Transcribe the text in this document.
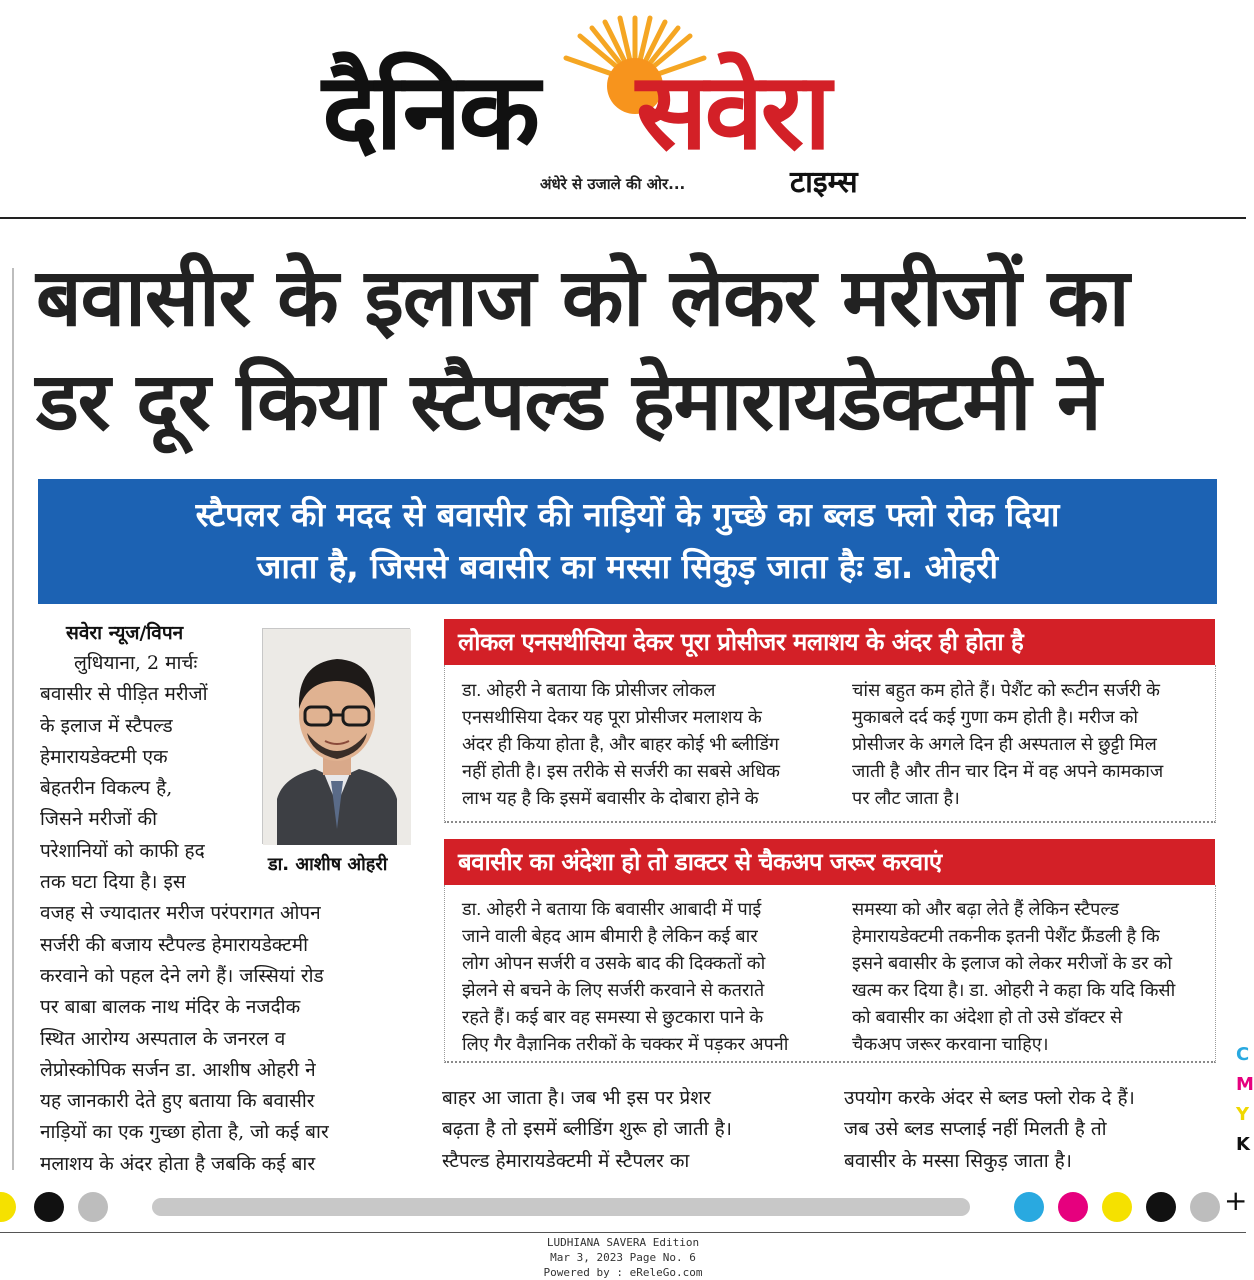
दैनिक सवेरा
अंधेरे से उजाले की ओर...	टाइम्स
बवासीर के इलाज को लेकर मरीजों का
डर दूर किया स्टैपल्ड हेमारायडेक्टमी ने
स्टैपलर की मदद से बवासीर की नाड़ियों के गुच्छे का ब्लड फ्लो रोक दिया
जाता है, जिससे बवासीर का मस्सा सिकुड़ जाता हैः डा. ओहरी
सवेरा न्यूज/विपन
लुधियाना, 2 मार्चः
बवासीर से पीड़ित मरीजों
के इलाज में स्टैपल्ड
हेमारायडेक्टमी एक
बेहतरीन विकल्प है,
जिसने मरीजों की
परेशानियों को काफी हद
तक घटा दिया है। इस
वजह से ज्यादातर मरीज परंपरागत ओपन
सर्जरी की बजाय स्टैपल्ड हेमारायडेक्टमी
करवाने को पहल देने लगे हैं। जस्सियां रोड
पर बाबा बालक नाथ मंदिर के नजदीक
स्थित आरोग्य अस्पताल के जनरल व
लेप्रोस्कोपिक सर्जन डा. आशीष ओहरी ने
यह जानकारी देते हुए बताया कि बवासीर
नाड़ियों का एक गुच्छा होता है, जो कई बार
मलाशय के अंदर होता है जबकि कई बार
डा. आशीष ओहरी
लोकल एनसथीसिया देकर पूरा प्रोसीजर मलाशय के अंदर ही होता है
डा. ओहरी ने बताया कि प्रोसीजर लोकल
एनसथीसिया देकर यह पूरा प्रोसीजर मलाशय के
अंदर ही किया होता है, और बाहर कोई भी ब्लीडिंग
नहीं होती है। इस तरीके से सर्जरी का सबसे अधिक
लाभ यह है कि इसमें बवासीर के दोबारा होने के
चांस बहुत कम होते हैं। पेशैंट को रूटीन सर्जरी के
मुकाबले दर्द कई गुणा कम होती है। मरीज को
प्रोसीजर के अगले दिन ही अस्पताल से छुट्टी मिल
जाती है और तीन चार दिन में वह अपने कामकाज
पर लौट जाता है।
बवासीर का अंदेशा हो तो डाक्टर से चैकअप जरूर करवाएं
डा. ओहरी ने बताया कि बवासीर आबादी में पाई
जाने वाली बेहद आम बीमारी है लेकिन कई बार
लोग ओपन सर्जरी व उसके बाद की दिक्कतों को
झेलने से बचने के लिए सर्जरी करवाने से कतराते
रहते हैं। कई बार वह समस्या से छुटकारा पाने के
लिए गैर वैज्ञानिक तरीकों के चक्कर में पड़कर अपनी
समस्या को और बढ़ा लेते हैं लेकिन स्टैपल्ड
हेमारायडेक्टमी तकनीक इतनी पेशैंट फ्रैंडली है कि
इसने बवासीर के इलाज को लेकर मरीजों के डर को
खत्म कर दिया है। डा. ओहरी ने कहा कि यदि किसी
को बवासीर का अंदेशा हो तो उसे डॉक्टर से
चैकअप जरूर करवाना चाहिए।
बाहर आ जाता है। जब भी इस पर प्रेशर
बढ़ता है तो इसमें ब्लीडिंग शुरू हो जाती है।
स्टैपल्ड हेमारायडेक्टमी में स्टैपलर का
उपयोग करके अंदर से ब्लड फ्लो रोक दे हैं।
जब उसे ब्लड सप्लाई नहीं मिलती है तो
बवासीर के मस्सा सिकुड़ जाता है।
C
M
Y
K
+
LUDHIANA SAVERA Edition
Mar 3, 2023 Page No. 6
Powered by : eReleGo.com
